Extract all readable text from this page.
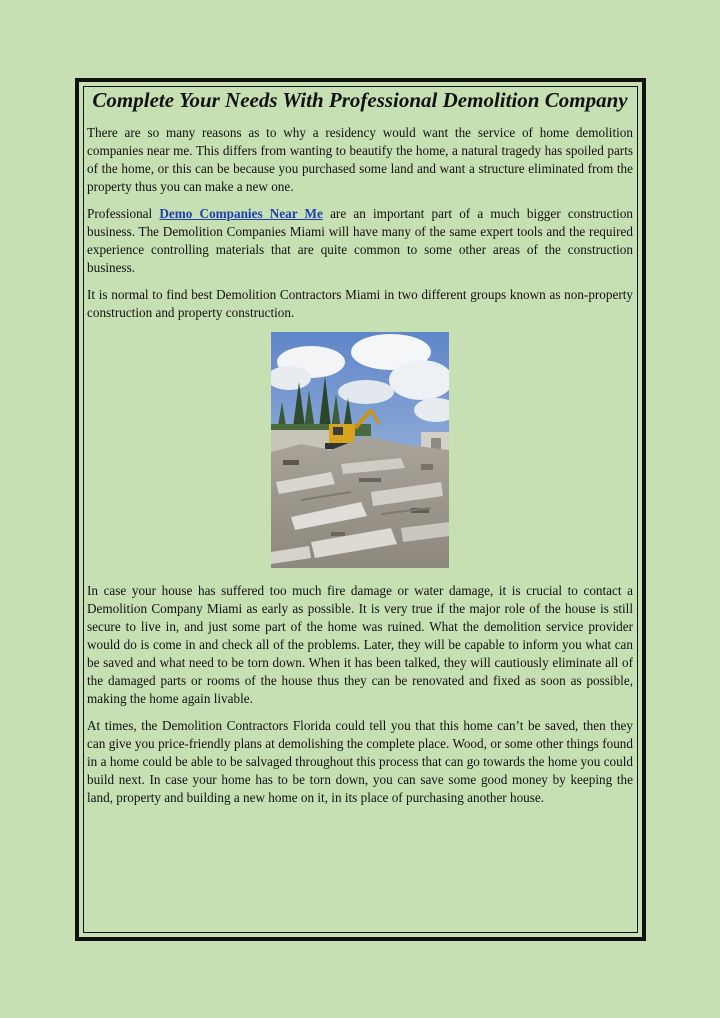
Complete Your Needs With Professional Demolition Company

There are so many reasons as to why a residency would want the service of home demolition companies near me. This differs from wanting to beautify the home, a natural tragedy has spoiled parts of the home, or this can be because you purchased some land and want a structure eliminated from the property thus you can make a new one.

Professional Demo Companies Near Me are an important part of a much bigger construction business. The Demolition Companies Miami will have many of the same expert tools and the required experience controlling materials that are quite common to some other areas of the construction business.

It is normal to find best Demolition Contractors Miami in two different groups known as non-property construction and property construction.

In case your house has suffered too much fire damage or water damage, it is crucial to contact a Demolition Company Miami as early as possible. It is very true if the major role of the house is still secure to live in, and just some part of the home was ruined. What the demolition service provider would do is come in and check all of the problems. Later, they will be capable to inform you what can be saved and what need to be torn down. When it has been talked, they will cautiously eliminate all of the damaged parts or rooms of the house thus they can be renovated and fixed as soon as possible, making the home again livable.

At times, the Demolition Contractors Florida could tell you that this home can’t be saved, then they can give you price-friendly plans at demolishing the complete place. Wood, or some other things found in a home could be able to be salvaged throughout this process that can go towards the home you could build next. In case your home has to be torn down, you can save some good money by keeping the land, property and building a new home on it, in its place of purchasing another house.
